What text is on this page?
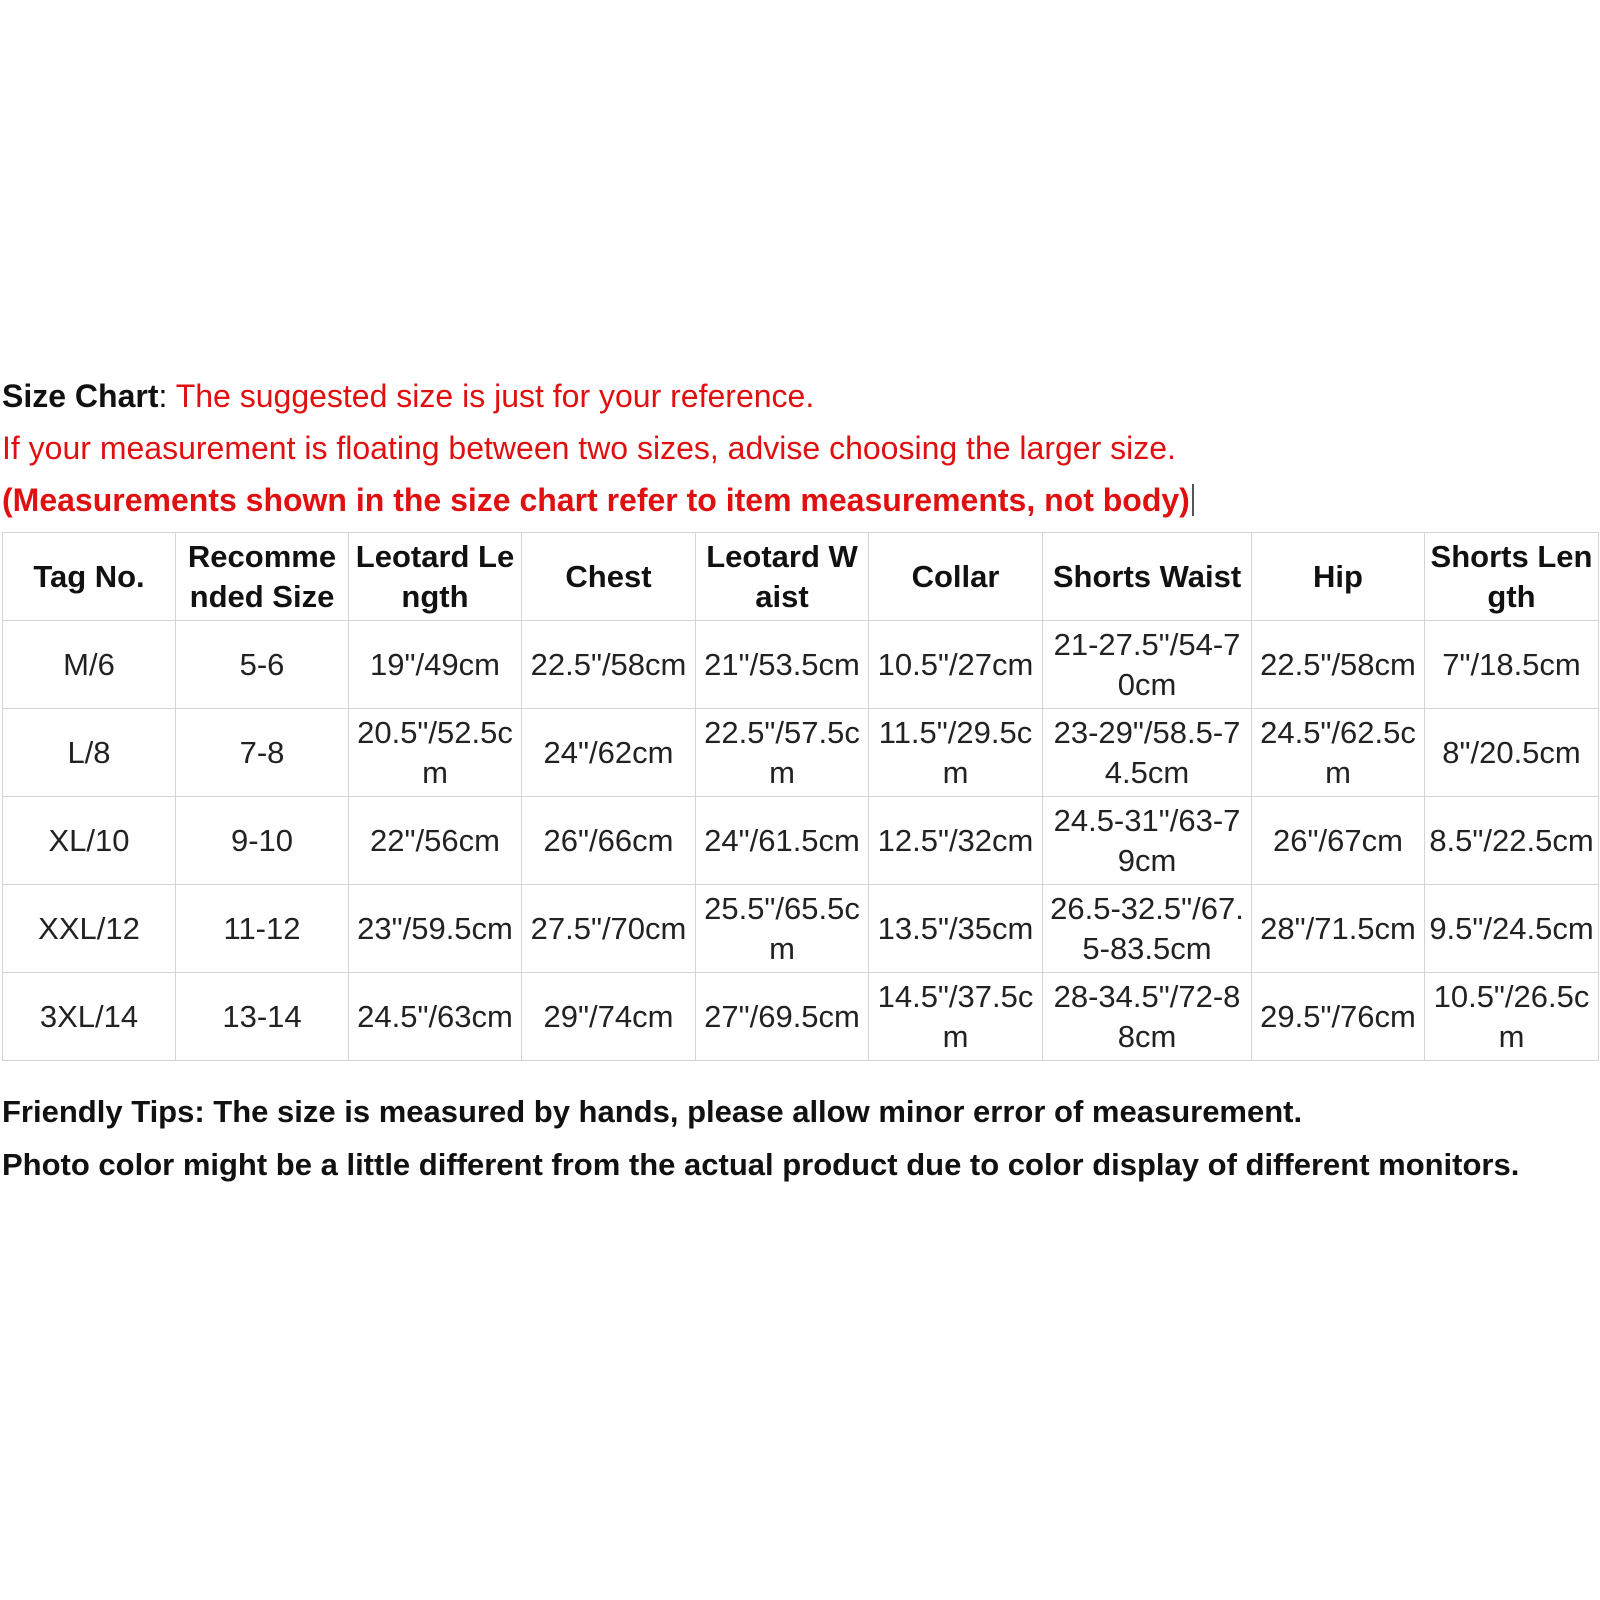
Size Chart: The suggested size is just for your reference.
If your measurement is floating between two sizes, advise choosing the larger size.
(Measurements shown in the size chart refer to item measurements, not body)
Tag No.	Recommended Size	Leotard Length	Chest	Leotard Waist	Collar	Shorts Waist	Hip	Shorts Length
M/6	5-6	19"/49cm	22.5"/58cm	21"/53.5cm	10.5"/27cm	21-27.5"/54-70cm	22.5"/58cm	7"/18.5cm
L/8	7-8	20.5"/52.5cm	24"/62cm	22.5"/57.5cm	11.5"/29.5cm	23-29"/58.5-74.5cm	24.5"/62.5cm	8"/20.5cm
XL/10	9-10	22"/56cm	26"/66cm	24"/61.5cm	12.5"/32cm	24.5-31"/63-79cm	26"/67cm	8.5"/22.5cm
XXL/12	11-12	23"/59.5cm	27.5"/70cm	25.5"/65.5cm	13.5"/35cm	26.5-32.5"/67.5-83.5cm	28"/71.5cm	9.5"/24.5cm
3XL/14	13-14	24.5"/63cm	29"/74cm	27"/69.5cm	14.5"/37.5cm	28-34.5"/72-88cm	29.5"/76cm	10.5"/26.5cm
Friendly Tips: The size is measured by hands, please allow minor error of measurement.
Photo color might be a little different from the actual product due to color display of different monitors.
